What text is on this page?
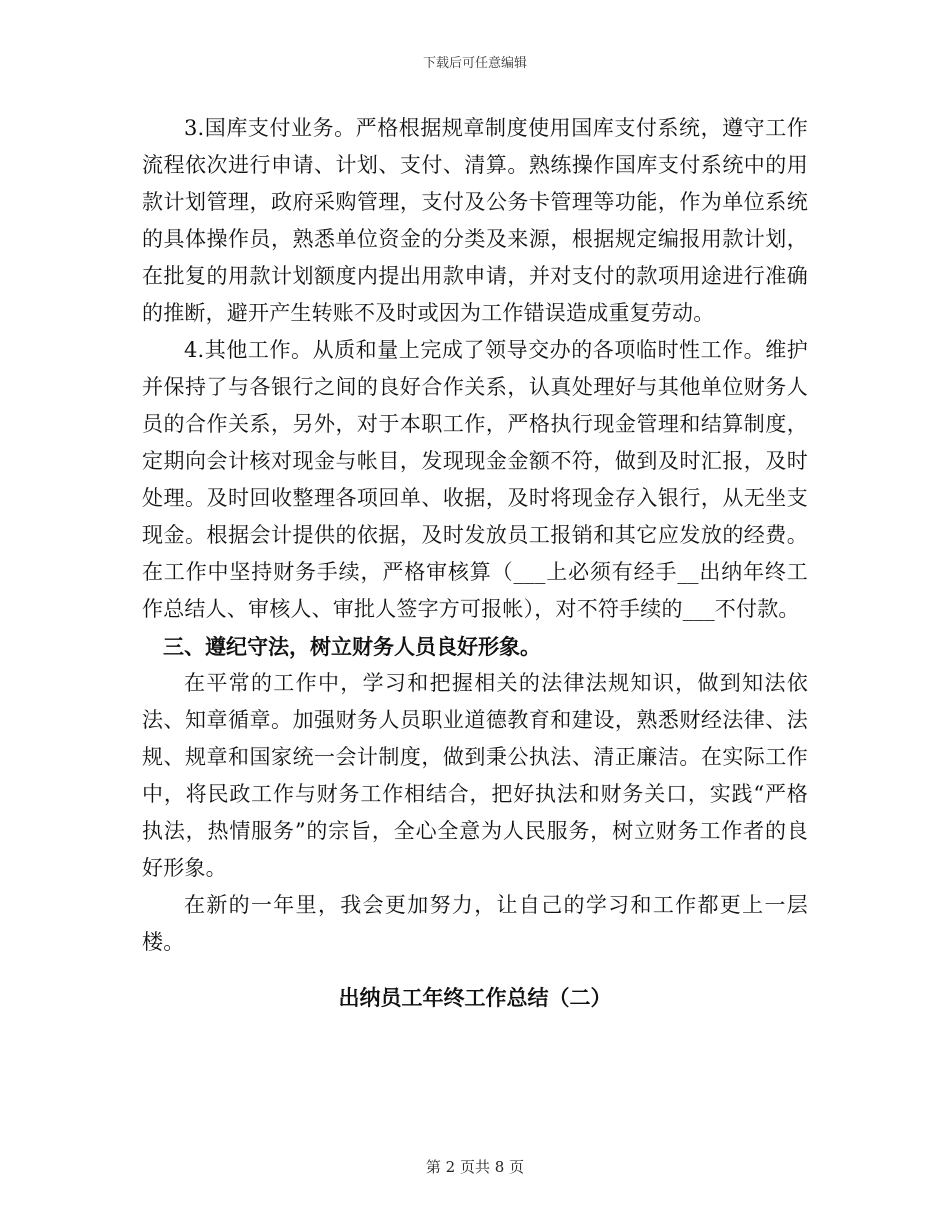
下载后可任意编辑

3.国库支付业务。严格根据规章制度使用国库支付系统，遵守工作流程依次进行申请、计划、支付、清算。熟练操作国库支付系统中的用款计划管理，政府采购管理，支付及公务卡管理等功能，作为单位系统的具体操作员，熟悉单位资金的分类及来源，根据规定编报用款计划，在批复的用款计划额度内提出用款申请，并对支付的款项用途进行准确的推断，避开产生转账不及时或因为工作错误造成重复劳动。

4.其他工作。从质和量上完成了领导交办的各项临时性工作。维护并保持了与各银行之间的良好合作关系，认真处理好与其他单位财务人员的合作关系，另外，对于本职工作，严格执行现金管理和结算制度，定期向会计核对现金与帐目，发现现金金额不符，做到及时汇报，及时处理。及时回收整理各项回单、收据，及时将现金存入银行，从无坐支现金。根据会计提供的依据，及时发放员工报销和其它应发放的经费。在工作中坚持财务手续，严格审核算（___上必须有经手__出纳年终工作总结人、审核人、审批人签字方可报帐），对不符手续的___不付款。

三、遵纪守法，树立财务人员良好形象。

在平常的工作中，学习和把握相关的法律法规知识，做到知法依法、知章循章。加强财务人员职业道德教育和建设，熟悉财经法律、法规、规章和国家统一会计制度，做到秉公执法、清正廉洁。在实际工作中，将民政工作与财务工作相结合，把好执法和财务关口，实践“严格执法，热情服务”的宗旨，全心全意为人民服务，树立财务工作者的良好形象。

在新的一年里，我会更加努力，让自己的学习和工作都更上一层楼。

出纳员工年终工作总结（二）

第 2 页共 8 页
